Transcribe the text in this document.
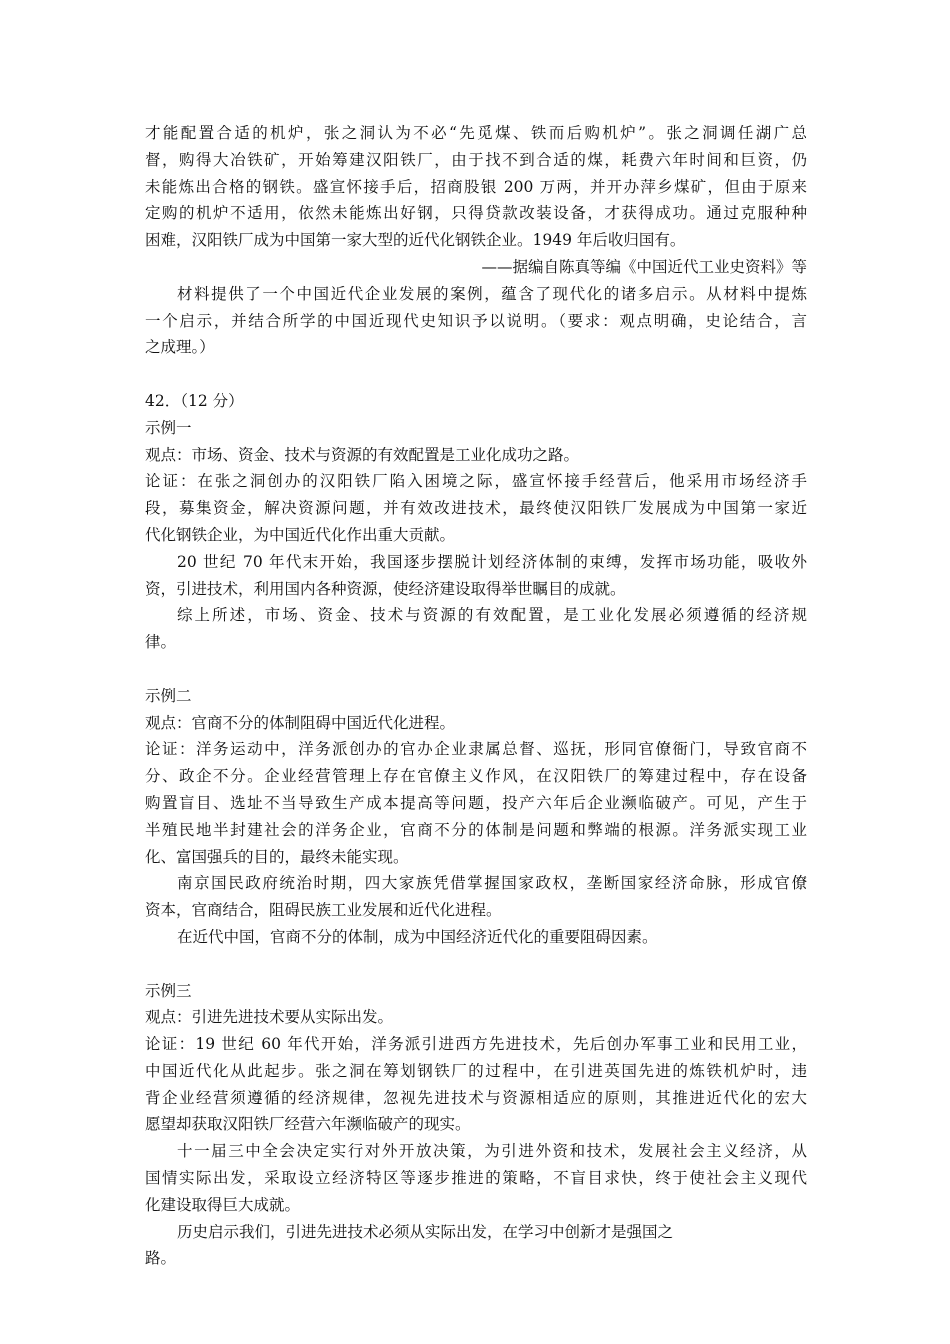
才能配置合适的机炉，张之洞认为不必“先觅煤、铁而后购机炉”。张之洞调任湖广总
督，购得大冶铁矿，开始筹建汉阳铁厂，由于找不到合适的煤，耗费六年时间和巨资，仍
未能炼出合格的钢铁。盛宣怀接手后，招商股银 200 万两，并开办萍乡煤矿，但由于原来
定购的机炉不适用，依然未能炼出好钢，只得贷款改装设备，才获得成功。通过克服种种
困难，汉阳铁厂成为中国第一家大型的近代化钢铁企业。1949 年后收归国有。
——据编自陈真等编《中国近代工业史资料》等
材料提供了一个中国近代企业发展的案例，蕴含了现代化的诸多启示。从材料中提炼
一个启示，并结合所学的中国近现代史知识予以说明。（要求：观点明确，史论结合，言
之成理。）
42．（12 分）
示例一
观点：市场、资金、技术与资源的有效配置是工业化成功之路。
论证：在张之洞创办的汉阳铁厂陷入困境之际，盛宣怀接手经营后，他采用市场经济手
段，募集资金，解决资源问题，并有效改进技术，最终使汉阳铁厂发展成为中国第一家近
代化钢铁企业，为中国近代化作出重大贡献。
20 世纪 70 年代末开始，我国逐步摆脱计划经济体制的束缚，发挥市场功能，吸收外
资，引进技术，利用国内各种资源，使经济建设取得举世瞩目的成就。
综上所述，市场、资金、技术与资源的有效配置，是工业化发展必须遵循的经济规
律。
示例二
观点：官商不分的体制阻碍中国近代化进程。
论证：洋务运动中，洋务派创办的官办企业隶属总督、巡抚，形同官僚衙门，导致官商不
分、政企不分。企业经营管理上存在官僚主义作风，在汉阳铁厂的筹建过程中，存在设备
购置盲目、选址不当导致生产成本提高等问题，投产六年后企业濒临破产。可见，产生于
半殖民地半封建社会的洋务企业，官商不分的体制是问题和弊端的根源。洋务派实现工业
化、富国强兵的目的，最终未能实现。
南京国民政府统治时期，四大家族凭借掌握国家政权，垄断国家经济命脉，形成官僚
资本，官商结合，阻碍民族工业发展和近代化进程。
在近代中国，官商不分的体制，成为中国经济近代化的重要阻碍因素。
示例三
观点：引进先进技术要从实际出发。
论证：19 世纪 60 年代开始，洋务派引进西方先进技术，先后创办军事工业和民用工业，
中国近代化从此起步。张之洞在筹划钢铁厂的过程中，在引进英国先进的炼铁机炉时，违
背企业经营须遵循的经济规律，忽视先进技术与资源相适应的原则，其推进近代化的宏大
愿望却获取汉阳铁厂经营六年濒临破产的现实。
十一届三中全会决定实行对外开放决策，为引进外资和技术，发展社会主义经济，从
国情实际出发，采取设立经济特区等逐步推进的策略，不盲目求快，终于使社会主义现代
化建设取得巨大成就。
历史启示我们，引进先进技术必须从实际出发，在学习中创新才是强国之
路。
